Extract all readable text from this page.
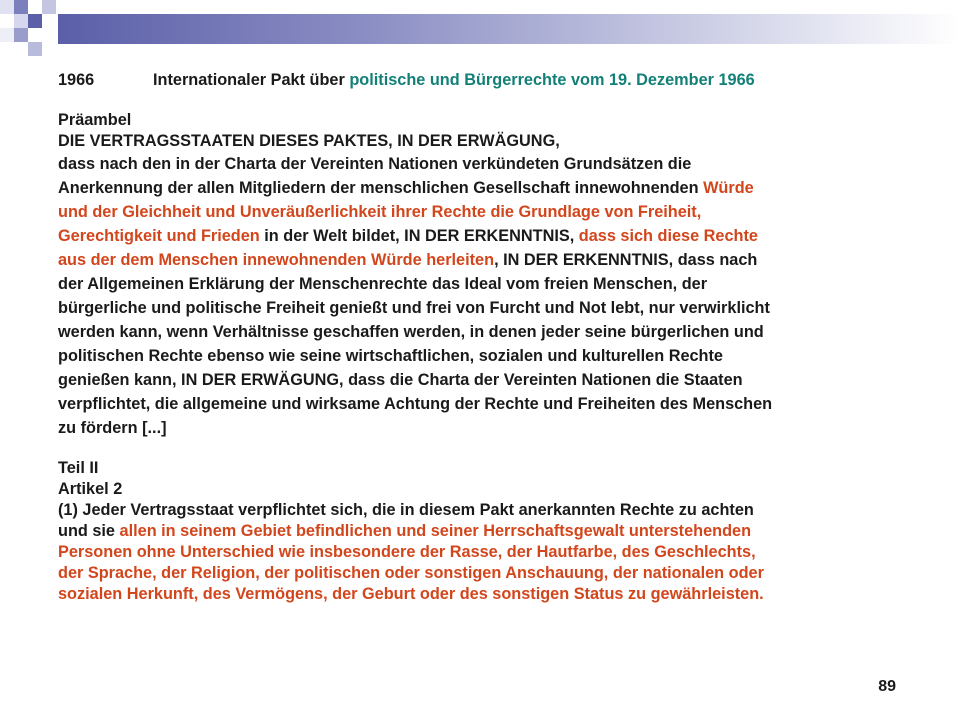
1966	Internationaler Pakt über politische und Bürgerrechte vom 19. Dezember 1966
Präambel
DIE VERTRAGSSTAATEN DIESES PAKTES, IN DER ERWÄGUNG,
dass nach den in der Charta der Vereinten Nationen verkündeten Grundsätzen die
Anerkennung der allen Mitgliedern der menschlichen Gesellschaft innewohnenden Würde
und der Gleichheit und Unveräußerlichkeit ihrer Rechte die Grundlage von Freiheit,
Gerechtigkeit und Frieden in der Welt bildet, IN DER ERKENNTNIS, dass sich diese Rechte
aus der dem Menschen innewohnenden Würde herleiten, IN DER ERKENNTNIS, dass nach
der Allgemeinen Erklärung der Menschenrechte das Ideal vom freien Menschen, der
bürgerliche und politische Freiheit genießt und frei von Furcht und Not lebt, nur verwirklicht
werden kann, wenn Verhältnisse geschaffen werden, in denen jeder seine bürgerlichen und
politischen Rechte ebenso wie seine wirtschaftlichen, sozialen und kulturellen Rechte
genießen kann, IN DER ERWÄGUNG, dass die Charta der Vereinten Nationen die Staaten
verpflichtet, die allgemeine und wirksame Achtung der Rechte und Freiheiten des Menschen
zu fördern [...]
Teil II
Artikel 2
(1) Jeder Vertragsstaat verpflichtet sich, die in diesem Pakt anerkannten Rechte zu achten
und sie allen in seinem Gebiet befindlichen und seiner Herrschaftsgewalt unterstehenden
Personen ohne Unterschied wie insbesondere der Rasse, der Hautfarbe, des Geschlechts,
der Sprache, der Religion, der politischen oder sonstigen Anschauung, der nationalen oder
sozialen Herkunft, des Vermögens, der Geburt oder des sonstigen Status zu gewährleisten.
89
